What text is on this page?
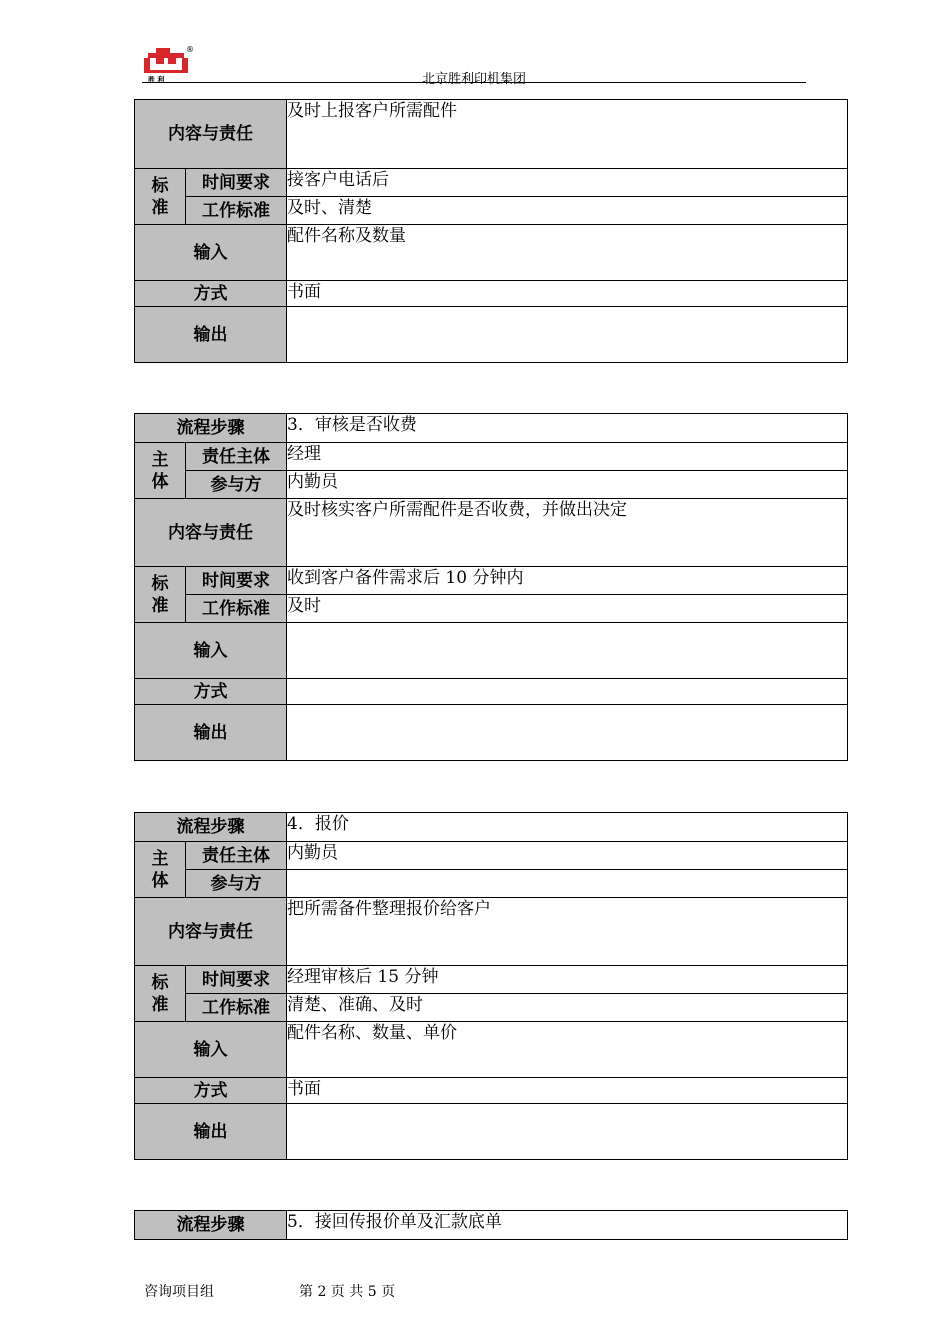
®
胜 利	北京胜利印机集团
内容与责任		及时上报客户所需配件
标
准	时间要求	接客户电话后
	工作标准	及时、清楚
输入		配件名称及数量
方式		书面
输出		
流程步骤		3．审核是否收费
主
体	责任主体	经理
	参与方	内勤员
内容与责任		及时核实客户所需配件是否收费，并做出决定
标
准	时间要求	收到客户备件需求后 10 分钟内
	工作标准	及时
输入		
方式		
输出		
流程步骤		4．报价
主
体	责任主体	内勤员
	参与方	
内容与责任		把所需备件整理报价给客户
标
准	时间要求	经理审核后 15 分钟
	工作标准	清楚、准确、及时
输入		配件名称、数量、单价
方式		书面
输出		
流程步骤	5．接回传报价单及汇款底单
咨询项目组	第 2 页 共 5 页
